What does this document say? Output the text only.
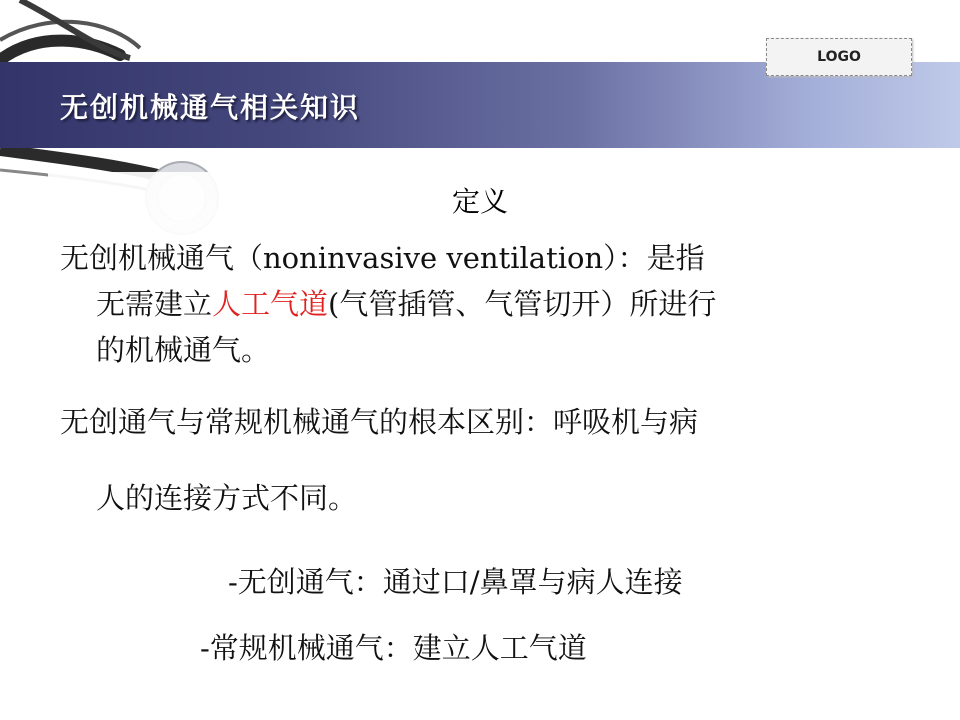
无创机械通气相关知识
LOGO
定义
无创机械通气（noninvasive ventilation）：是指
无需建立人工气道(气管插管、气管切开）所进行
的机械通气。
无创通气与常规机械通气的根本区别：呼吸机与病
人的连接方式不同。
-无创通气：通过口/鼻罩与病人连接
-常规机械通气：建立人工气道
